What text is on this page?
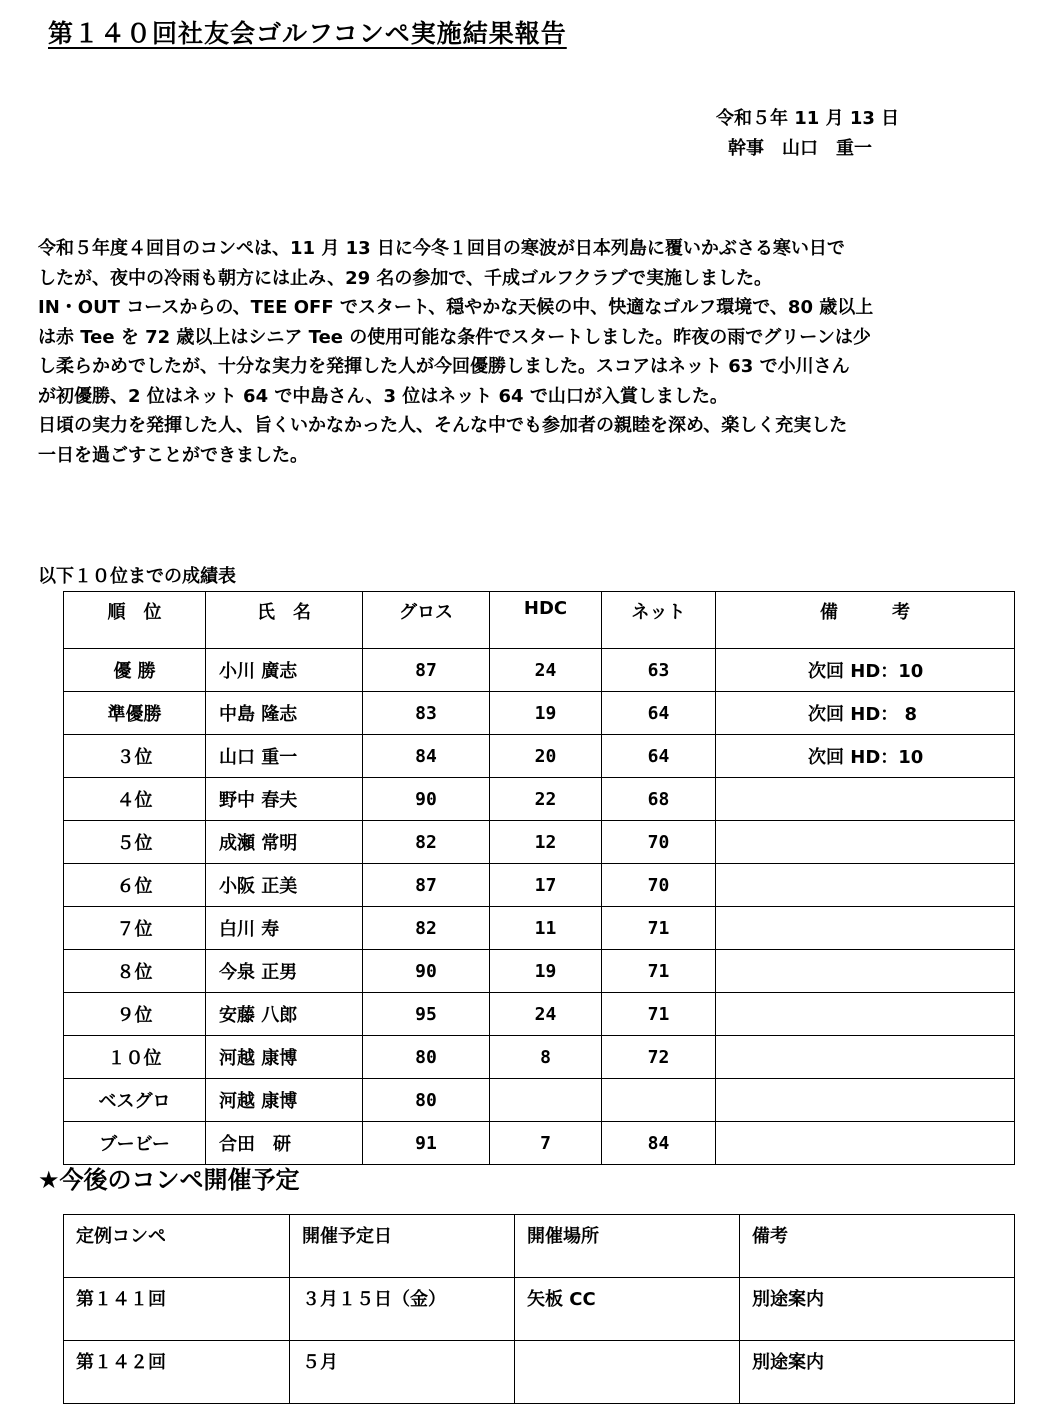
第１４０回社友会ゴルフコンペ実施結果報告
令和５年 11 月 13 日
幹事　山口　重一

令和５年度４回目のコンペは、11 月 13 日に今冬１回目の寒波が日本列島に覆いかぶさる寒い日で

したが、夜中の冷雨も朝方には止み、29 名の参加で、千成ゴルフクラブで実施しました。

IN・OUT コースからの、TEE OFF でスタート、穏やかな天候の中、快適なゴルフ環境で、80 歳以上

は赤 Tee を 72 歳以上はシニア Tee の使用可能な条件でスタートしました。昨夜の雨でグリーンは少

し柔らかめでしたが、十分な実力を発揮した人が今回優勝しました。スコアはネット 63 で小川さん

が初優勝、2 位はネット 64 で中島さん、3 位はネット 64 で山口が入賞しました。

日頃の実力を発揮した人、旨くいかなかった人、そんな中でも参加者の親睦を深め、楽しく充実した

一日を過ごすことができました。

以下１０位までの成績表
順　位	氏　名	グロス	HDC	ネット	備　　　考
優 勝	小川 廣志	87	24	63	次回 HD：10
準優勝	中島 隆志	83	19	64	次回 HD： 8
３位	山口 重一	84	20	64	次回 HD：10
４位	野中 春夫	90	22	68	
５位	成瀬 常明	82	12	70	
６位	小阪 正美	87	17	70	
７位	白川 寿	82	11	71	
８位	今泉 正男	90	19	71	
９位	安藤 八郎	95	24	71	
１０位	河越 康博	80	8	72	
ベスグロ	河越 康博	80			
ブービー	合田　研	91	7	84	
★今後のコンペ開催予定
定例コンペ	開催予定日	開催場所	備考
第１４１回	３月１５日（金）	矢板 CC	別途案内
第１４２回	５月		別途案内
